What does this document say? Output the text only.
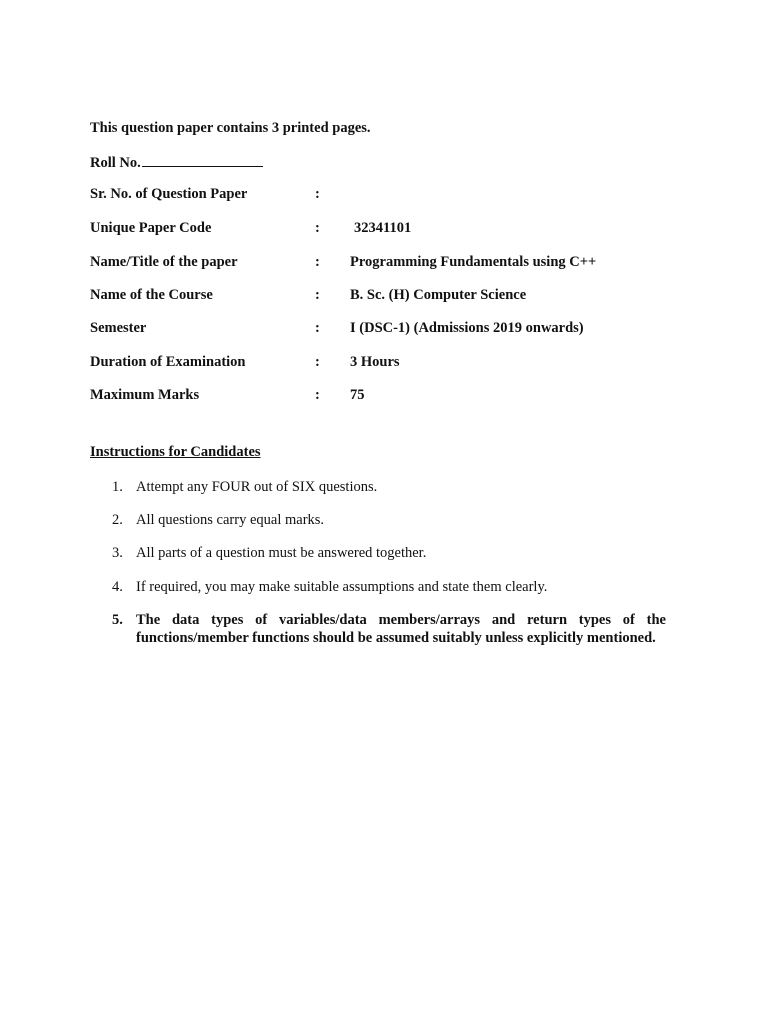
This question paper contains 3 printed pages.
Roll No.
Sr. No. of Question Paper	:
Unique Paper Code	: 32341101
Name/Title of the paper	: Programming Fundamentals using C++
Name of the Course	: B. Sc. (H) Computer Science
Semester	: I (DSC-1) (Admissions 2019 onwards)
Duration of Examination	: 3 Hours
Maximum Marks	: 75
Instructions for Candidates
1. Attempt any FOUR out of SIX questions.
2. All questions carry equal marks.
3. All parts of a question must be answered together.
4. If required, you may make suitable assumptions and state them clearly.
5. The data types of variables/data members/arrays and return types of the functions/member functions should be assumed suitably unless explicitly mentioned.
